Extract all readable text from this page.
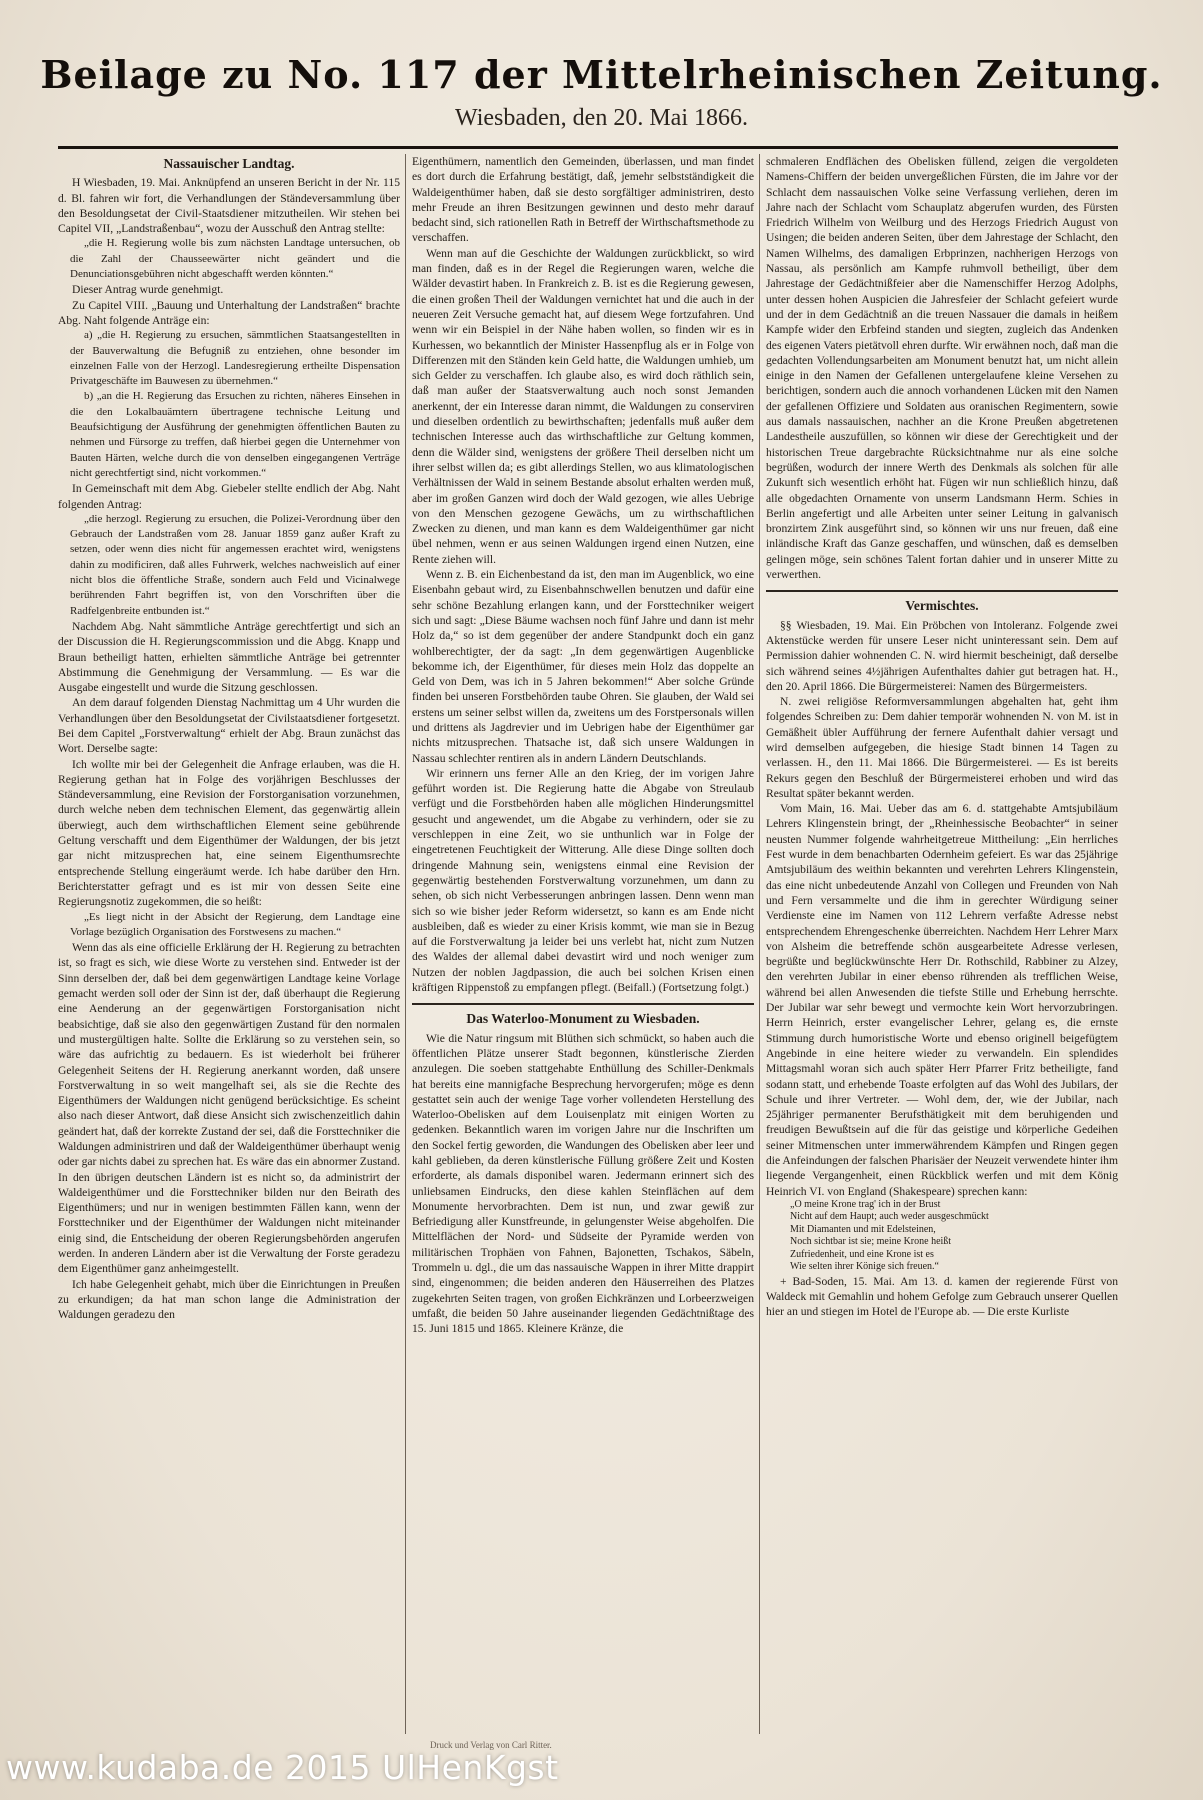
Beilage zu No. 117 der Mittelrheinischen Zeitung.
Wiesbaden, den 20. Mai 1866.
Nassauischer Landtag.

H Wiesbaden, 19. Mai. Anknüpfend an unseren Bericht in der Nr. 115 d. Bl. fahren wir fort, die Verhandlungen der Ständeversammlung über den Besoldungsetat der Civil-Staatsdiener mitzutheilen. Wir stehen bei Capitel VII, „Landstraßenbau“, wozu der Ausschuß den Antrag stellte:

„die H. Regierung wolle bis zum nächsten Landtage untersuchen, ob die Zahl der Chausseewärter nicht geändert und die Denunciationsgebühren nicht abgeschafft werden könnten.“

Dieser Antrag wurde genehmigt.

Zu Capitel VIII. „Bauung und Unterhaltung der Landstraßen“ brachte Abg. Naht folgende Anträge ein:

a) „die H. Regierung zu ersuchen, sämmtlichen Staatsangestellten in der Bauverwaltung die Befugniß zu entziehen, ohne besonder im einzelnen Falle von der Herzogl. Landesregierung ertheilte Dispensation Privatgeschäfte im Bauwesen zu übernehmen.“

b) „an die H. Regierung das Ersuchen zu richten, näheres Einsehen in die den Lokalbauämtern übertragene technische Leitung und Beaufsichtigung der Ausführung der genehmigten öffentlichen Bauten zu nehmen und Fürsorge zu treffen, daß hierbei gegen die Unternehmer von Bauten Härten, welche durch die von denselben eingegangenen Verträge nicht gerechtfertigt sind, nicht vorkommen.“

In Gemeinschaft mit dem Abg. Giebeler stellte endlich der Abg. Naht folgenden Antrag:

„die herzogl. Regierung zu ersuchen, die Polizei-Verordnung über den Gebrauch der Landstraßen vom 28. Januar 1859 ganz außer Kraft zu setzen, oder wenn dies nicht für angemessen erachtet wird, wenigstens dahin zu modificiren, daß alles Fuhrwerk, welches nachweislich auf einer nicht blos die öffentliche Straße, sondern auch Feld und Vicinalwege berührenden Fahrt begriffen ist, von den Vorschriften über die Radfelgenbreite entbunden ist.“

Nachdem Abg. Naht sämmtliche Anträge gerechtfertigt und sich an der Discussion die H. Regierungscommission und die Abgg. Knapp und Braun betheiligt hatten, erhielten sämmtliche Anträge bei getrennter Abstimmung die Genehmigung der Versammlung. — Es war die Ausgabe eingestellt und wurde die Sitzung geschlossen.

An dem darauf folgenden Dienstag Nachmittag um 4 Uhr wurden die Verhandlungen über den Besoldungsetat der Civilstaatsdiener fortgesetzt. Bei dem Capitel „Forstverwaltung“ erhielt der Abg. Braun zunächst das Wort. Derselbe sagte:

Ich wollte mir bei der Gelegenheit die Anfrage erlauben, was die H. Regierung gethan hat in Folge des vorjährigen Beschlusses der Ständeversammlung, eine Revision der Forstorganisation vorzunehmen, durch welche neben dem technischen Element, das gegenwärtig allein überwiegt, auch dem wirthschaftlichen Element seine gebührende Geltung verschafft und dem Eigenthümer der Waldungen, der bis jetzt gar nicht mitzusprechen hat, eine seinem Eigenthumsrechte entsprechende Stellung eingeräumt werde. Ich habe darüber den Hrn. Berichterstatter gefragt und es ist mir von dessen Seite eine Regierungsnotiz zugekommen, die so heißt:

„Es liegt nicht in der Absicht der Regierung, dem Landtage eine Vorlage bezüglich Organisation des Forstwesens zu machen.“

Wenn das als eine officielle Erklärung der H. Regierung zu betrachten ist, so fragt es sich, wie diese Worte zu verstehen sind. Entweder ist der Sinn derselben der, daß bei dem gegenwärtigen Landtage keine Vorlage gemacht werden soll oder der Sinn ist der, daß überhaupt die Regierung eine Aenderung an der gegenwärtigen Forstorganisation nicht beabsichtige, daß sie also den gegenwärtigen Zustand für den normalen und mustergültigen halte. Sollte die Erklärung so zu verstehen sein, so wäre das aufrichtig zu bedauern. Es ist wiederholt bei früherer Gelegenheit Seitens der H. Regierung anerkannt worden, daß unsere Forstverwaltung in so weit mangelhaft sei, als sie die Rechte des Eigenthümers der Waldungen nicht genügend berücksichtige. Es scheint also nach dieser Antwort, daß diese Ansicht sich zwischenzeitlich dahin geändert hat, daß der korrekte Zustand der sei, daß die Forsttechniker die Waldungen administriren und daß der Waldeigenthümer überhaupt wenig oder gar nichts dabei zu sprechen hat. Es wäre das ein abnormer Zustand. In den übrigen deutschen Ländern ist es nicht so, da administrirt der Waldeigenthümer und die Forsttechniker bilden nur den Beirath des Eigenthümers; und nur in wenigen bestimmten Fällen kann, wenn der Forsttechniker und der Eigenthümer der Waldungen nicht miteinander einig sind, die Entscheidung der oberen Regierungsbehörden angerufen werden. In anderen Ländern aber ist die Verwaltung der Forste geradezu dem Eigenthümer ganz anheimgestellt.

Ich habe Gelegenheit gehabt, mich über die Einrichtungen in Preußen zu erkundigen; da hat man schon lange die Administration der Waldungen geradezu den

Eigenthümern, namentlich den Gemeinden, überlassen, und man findet es dort durch die Erfahrung bestätigt, daß, jemehr selbstständigkeit die Waldeigenthümer haben, daß sie desto sorgfältiger administriren, desto mehr Freude an ihren Besitzungen gewinnen und desto mehr darauf bedacht sind, sich rationellen Rath in Betreff der Wirthschaftsmethode zu verschaffen.

Wenn man auf die Geschichte der Waldungen zurückblickt, so wird man finden, daß es in der Regel die Regierungen waren, welche die Wälder devastirt haben. In Frankreich z. B. ist es die Regierung gewesen, die einen großen Theil der Waldungen vernichtet hat und die auch in der neueren Zeit Versuche gemacht hat, auf diesem Wege fortzufahren. Und wenn wir ein Beispiel in der Nähe haben wollen, so finden wir es in Kurhessen, wo bekanntlich der Minister Hassenpflug als er in Folge von Differenzen mit den Ständen kein Geld hatte, die Waldungen umhieb, um sich Gelder zu verschaffen. Ich glaube also, es wird doch räthlich sein, daß man außer der Staatsverwaltung auch noch sonst Jemanden anerkennt, der ein Interesse daran nimmt, die Waldungen zu conserviren und dieselben ordentlich zu bewirthschaften; jedenfalls muß außer dem technischen Interesse auch das wirthschaftliche zur Geltung kommen, denn die Wälder sind, wenigstens der größere Theil derselben nicht um ihrer selbst willen da; es gibt allerdings Stellen, wo aus klimatologischen Verhältnissen der Wald in seinem Bestande absolut erhalten werden muß, aber im großen Ganzen wird doch der Wald gezogen, wie alles Uebrige von den Menschen gezogene Gewächs, um zu wirthschaftlichen Zwecken zu dienen, und man kann es dem Waldeigenthümer gar nicht übel nehmen, wenn er aus seinen Waldungen irgend einen Nutzen, eine Rente ziehen will.

Wenn z. B. ein Eichenbestand da ist, den man im Augenblick, wo eine Eisenbahn gebaut wird, zu Eisenbahnschwellen benutzen und dafür eine sehr schöne Bezahlung erlangen kann, und der Forsttechniker weigert sich und sagt: „Diese Bäume wachsen noch fünf Jahre und dann ist mehr Holz da,“ so ist dem gegenüber der andere Standpunkt doch ein ganz wohlberechtigter, der da sagt: „In dem gegenwärtigen Augenblicke bekomme ich, der Eigenthümer, für dieses mein Holz das doppelte an Geld von Dem, was ich in 5 Jahren bekommen!“ Aber solche Gründe finden bei unseren Forstbehörden taube Ohren. Sie glauben, der Wald sei erstens um seiner selbst willen da, zweitens um des Forstpersonals willen und drittens als Jagdrevier und im Uebrigen habe der Eigenthümer gar nichts mitzusprechen. Thatsache ist, daß sich unsere Waldungen in Nassau schlechter rentiren als in andern Ländern Deutschlands.

Wir erinnern uns ferner Alle an den Krieg, der im vorigen Jahre geführt worden ist. Die Regierung hatte die Abgabe von Streulaub verfügt und die Forstbehörden haben alle möglichen Hinderungsmittel gesucht und angewendet, um die Abgabe zu verhindern, oder sie zu verschleppen in eine Zeit, wo sie unthunlich war in Folge der eingetretenen Feuchtigkeit der Witterung. Alle diese Dinge sollten doch dringende Mahnung sein, wenigstens einmal eine Revision der gegenwärtig bestehenden Forstverwaltung vorzunehmen, um dann zu sehen, ob sich nicht Verbesserungen anbringen lassen. Denn wenn man sich so wie bisher jeder Reform widersetzt, so kann es am Ende nicht ausbleiben, daß es wieder zu einer Krisis kommt, wie man sie in Bezug auf die Forstverwaltung ja leider bei uns verlebt hat, nicht zum Nutzen des Waldes der allemal dabei devastirt wird und noch weniger zum Nutzen der noblen Jagdpassion, die auch bei solchen Krisen einen kräftigen Rippenstoß zu empfangen pflegt. (Beifall.) (Fortsetzung folgt.)

Das Waterloo-Monument zu Wiesbaden.

Wie die Natur ringsum mit Blüthen sich schmückt, so haben auch die öffentlichen Plätze unserer Stadt begonnen, künstlerische Zierden anzulegen. Die soeben stattgehabte Enthüllung des Schiller-Denkmals hat bereits eine mannigfache Besprechung hervorgerufen; möge es denn gestattet sein auch der wenige Tage vorher vollendeten Herstellung des Waterloo-Obelisken auf dem Louisenplatz mit einigen Worten zu gedenken. Bekanntlich waren im vorigen Jahre nur die Inschriften um den Sockel fertig geworden, die Wandungen des Obelisken aber leer und kahl geblieben, da deren künstlerische Füllung größere Zeit und Kosten erforderte, als damals disponibel waren. Jedermann erinnert sich des unliebsamen Eindrucks, den diese kahlen Steinflächen auf dem Monumente hervorbrachten. Dem ist nun, und zwar gewiß zur Befriedigung aller Kunstfreunde, in gelungenster Weise abgeholfen. Die Mittelflächen der Nord- und Südseite der Pyramide werden von militärischen Trophäen von Fahnen, Bajonetten, Tschakos, Säbeln, Trommeln u. dgl., die um das nassauische Wappen in ihrer Mitte drappirt sind, eingenommen; die beiden anderen den Häuserreihen des Platzes zugekehrten Seiten tragen, von großen Eichkränzen und Lorbeerzweigen umfaßt, die beiden 50 Jahre auseinander liegenden Gedächtnißtage des 15. Juni 1815 und 1865. Kleinere Kränze, die

schmaleren Endflächen des Obelisken füllend, zeigen die vergoldeten Namens-Chiffern der beiden unvergeßlichen Fürsten, die im Jahre vor der Schlacht dem nassauischen Volke seine Verfassung verliehen, deren im Jahre nach der Schlacht vom Schauplatz abgerufen wurden, des Fürsten Friedrich Wilhelm von Weilburg und des Herzogs Friedrich August von Usingen; die beiden anderen Seiten, über dem Jahrestage der Schlacht, den Namen Wilhelms, des damaligen Erbprinzen, nachherigen Herzogs von Nassau, als persönlich am Kampfe ruhmvoll betheiligt, über dem Jahrestage der Gedächtnißfeier aber die Namenschiffer Herzog Adolphs, unter dessen hohen Auspicien die Jahresfeier der Schlacht gefeiert wurde und der in dem Gedächtniß an die treuen Nassauer die damals in heißem Kampfe wider den Erbfeind standen und siegten, zugleich das Andenken des eigenen Vaters pietätvoll ehren durfte. Wir erwähnen noch, daß man die gedachten Vollendungsarbeiten am Monument benutzt hat, um nicht allein einige in den Namen der Gefallenen untergelaufene kleine Versehen zu berichtigen, sondern auch die annoch vorhandenen Lücken mit den Namen der gefallenen Offiziere und Soldaten aus oranischen Regimentern, sowie aus damals nassauischen, nachher an die Krone Preußen abgetretenen Landestheile auszufüllen, so können wir diese der Gerechtigkeit und der historischen Treue dargebrachte Rücksichtnahme nur als eine solche begrüßen, wodurch der innere Werth des Denkmals als solchen für alle Zukunft sich wesentlich erhöht hat. Fügen wir nun schließlich hinzu, daß alle obgedachten Ornamente von unserm Landsmann Herm. Schies in Berlin angefertigt und alle Arbeiten unter seiner Leitung in galvanisch bronzirtem Zink ausgeführt sind, so können wir uns nur freuen, daß eine inländische Kraft das Ganze geschaffen, und wünschen, daß es demselben gelingen möge, sein schönes Talent fortan dahier und in unserer Mitte zu verwerthen.

Vermischtes.

§§ Wiesbaden, 19. Mai. Ein Pröbchen von Intoleranz. Folgende zwei Aktenstücke werden für unsere Leser nicht uninteressant sein. Dem auf Permission dahier wohnenden C. N. wird hiermit bescheinigt, daß derselbe sich während seines 4½jährigen Aufenthaltes dahier gut betragen hat. H., den 20. April 1866. Die Bürgermeisterei: Namen des Bürgermeisters.

N. zwei religiöse Reformversammlungen abgehalten hat, geht ihm folgendes Schreiben zu: Dem dahier temporär wohnenden N. von M. ist in Gemäßheit übler Aufführung der fernere Aufenthalt dahier versagt und wird demselben aufgegeben, die hiesige Stadt binnen 14 Tagen zu verlassen. H., den 11. Mai 1866. Die Bürgermeisterei. — Es ist bereits Rekurs gegen den Beschluß der Bürgermeisterei erhoben und wird das Resultat später bekannt werden.

Vom Main, 16. Mai. Ueber das am 6. d. stattgehabte Amtsjubiläum Lehrers Klingenstein bringt, der „Rheinhessische Beobachter“ in seiner neusten Nummer folgende wahrheitgetreue Mittheilung: „Ein herrliches Fest wurde in dem benachbarten Odernheim gefeiert. Es war das 25jährige Amtsjubiläum des weithin bekannten und verehrten Lehrers Klingenstein, das eine nicht unbedeutende Anzahl von Collegen und Freunden von Nah und Fern versammelte und die ihm in gerechter Würdigung seiner Verdienste eine im Namen von 112 Lehrern verfaßte Adresse nebst entsprechendem Ehrengeschenke überreichten. Nachdem Herr Lehrer Marx von Alsheim die betreffende schön ausgearbeitete Adresse verlesen, begrüßte und beglückwünschte Herr Dr. Rothschild, Rabbiner zu Alzey, den verehrten Jubilar in einer ebenso rührenden als trefflichen Weise, während bei allen Anwesenden die tiefste Stille und Erhebung herrschte. Der Jubilar war sehr bewegt und vermochte kein Wort hervorzubringen. Herrn Heinrich, erster evangelischer Lehrer, gelang es, die ernste Stimmung durch humoristische Worte und ebenso originell beigefügtem Angebinde in eine heitere wieder zu verwandeln. Ein splendides Mittagsmahl woran sich auch später Herr Pfarrer Fritz betheiligte, fand sodann statt, und erhebende Toaste erfolgten auf das Wohl des Jubilars, der Schule und ihrer Vertreter. — Wohl dem, der, wie der Jubilar, nach 25jähriger permanenter Berufsthätigkeit mit dem beruhigenden und freudigen Bewußtsein auf die für das geistige und körperliche Gedeihen seiner Mitmenschen unter immerwährendem Kämpfen und Ringen gegen die Anfeindungen der falschen Pharisäer der Neuzeit verwendete hinter ihm liegende Vergangenheit, einen Rückblick werfen und mit dem König Heinrich VI. von England (Shakespeare) sprechen kann:

„O meine Krone trag' ich in der Brust

Nicht auf dem Haupt; auch weder ausgeschmückt

Mit Diamanten und mit Edelsteinen,

Noch sichtbar ist sie; meine Krone heißt

Zufriedenheit, und eine Krone ist es

Wie selten ihrer Könige sich freuen.“

+ Bad-Soden, 15. Mai. Am 13. d. kamen der regierende Fürst von Waldeck mit Gemahlin und hohem Gefolge zum Gebrauch unserer Quellen hier an und stiegen im Hotel de l'Europe ab. — Die erste Kurliste

Druck und Verlag von Carl Ritter.
www.kudaba.de 2015 UlHenKgst
